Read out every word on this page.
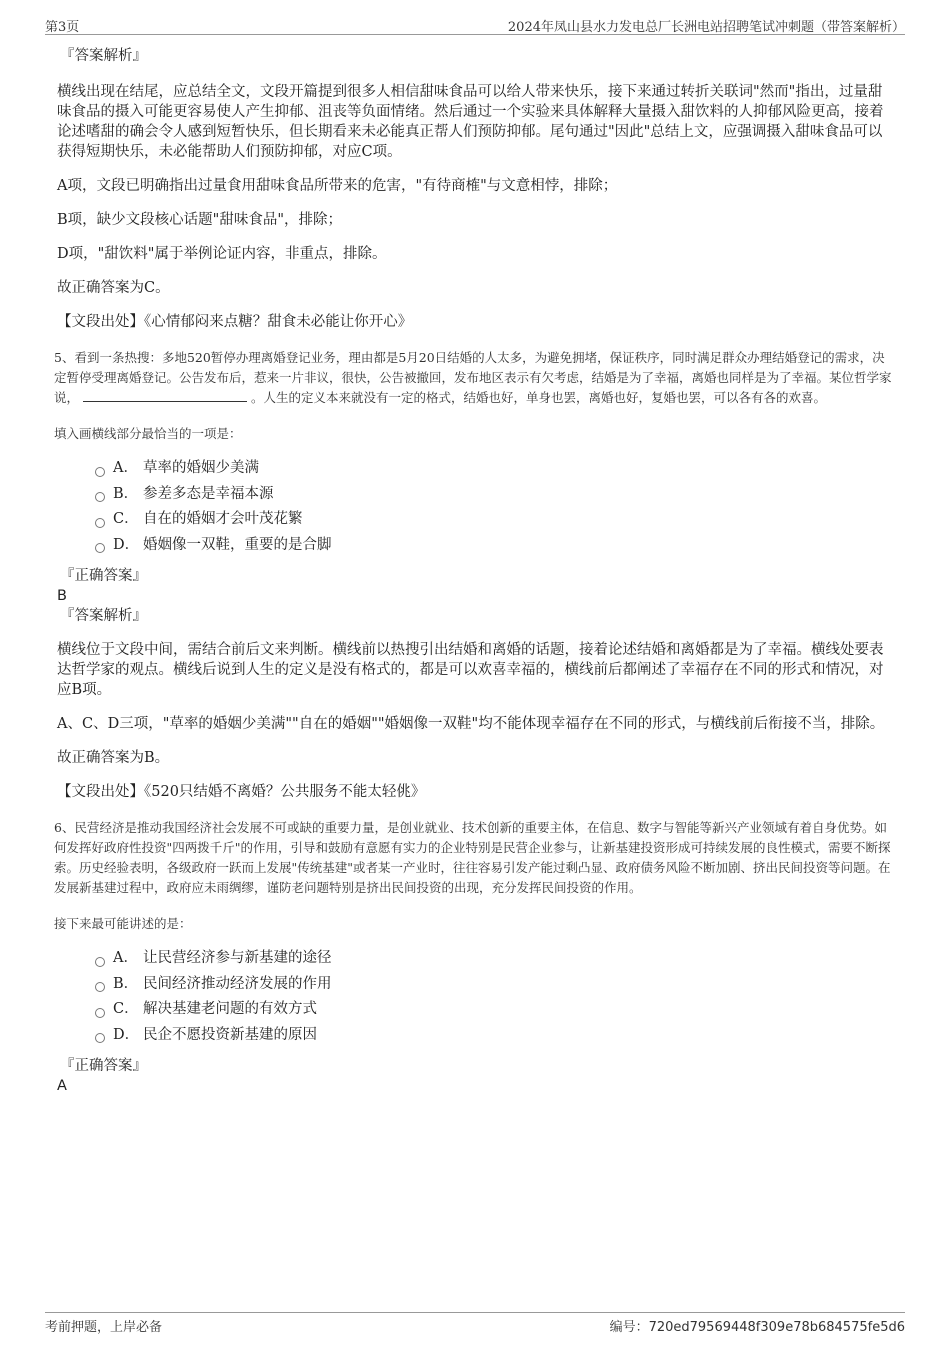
第3页	2024年凤山县水力发电总厂长洲电站招聘笔试冲刺题（带答案解析）
『答案解析』

横线出现在结尾，应总结全文，文段开篇提到很多人相信甜味食品可以给人带来快乐，接下来通过转折关联词"然而"指出，过量甜味食品的摄入可能更容易使人产生抑郁、沮丧等负面情绪。然后通过一个实验来具体解释大量摄入甜饮料的人抑郁风险更高，接着论述嗜甜的确会令人感到短暂快乐，但长期看来未必能真正帮人们预防抑郁。尾句通过"因此"总结上文，应强调摄入甜味食品可以获得短期快乐，未必能帮助人们预防抑郁，对应C项。

A项，文段已明确指出过量食用甜味食品所带来的危害，"有待商榷"与文意相悖，排除；

B项，缺少文段核心话题"甜味食品"，排除；

D项，"甜饮料"属于举例论证内容，非重点，排除。

故正确答案为C。

【文段出处】《心情郁闷来点糖？甜食未必能让你开心》

5、看到一条热搜：多地520暂停办理离婚登记业务，理由都是5月20日结婚的人太多，为避免拥堵，保证秩序，同时满足群众办理结婚登记的需求，决定暂停受理离婚登记。公告发布后，惹来一片非议，很快，公告被撤回，发布地区表示有欠考虑，结婚是为了幸福，离婚也同样是为了幸福。某位哲学家说，	。人生的定义本来就没有一定的格式，结婚也好，单身也罢，离婚也好，复婚也罢，可以各有各的欢喜。

填入画横线部分最恰当的一项是：

A． 草率的婚姻少美满
B． 参差多态是幸福本源
C． 自在的婚姻才会叶茂花繁
D． 婚姻像一双鞋，重要的是合脚
『正确答案』

B

『答案解析』

横线位于文段中间，需结合前后文来判断。横线前以热搜引出结婚和离婚的话题，接着论述结婚和离婚都是为了幸福。横线处要表达哲学家的观点。横线后说到人生的定义是没有格式的，都是可以欢喜幸福的，横线前后都阐述了幸福存在不同的形式和情况，对应B项。

A、C、D三项，"草率的婚姻少美满""自在的婚姻""婚姻像一双鞋"均不能体现幸福存在不同的形式，与横线前后衔接不当，排除。

故正确答案为B。

【文段出处】《520只结婚不离婚？公共服务不能太轻佻》

6、民营经济是推动我国经济社会发展不可或缺的重要力量，是创业就业、技术创新的重要主体，在信息、数字与智能等新兴产业领域有着自身优势。如何发挥好政府性投资"四两拨千斤"的作用，引导和鼓励有意愿有实力的企业特别是民营企业参与，让新基建投资形成可持续发展的良性模式，需要不断探索。历史经验表明，各级政府一跃而上发展"传统基建"或者某一产业时，往往容易引发产能过剩凸显、政府债务风险不断加剧、挤出民间投资等问题。在发展新基建过程中，政府应未雨绸缪，谨防老问题特别是挤出民间投资的出现，充分发挥民间投资的作用。

接下来最可能讲述的是：

A． 让民营经济参与新基建的途径
B． 民间经济推动经济发展的作用
C． 解决基建老问题的有效方式
D． 民企不愿投资新基建的原因
『正确答案』

A

考前押题，上岸必备	编号：720ed79569448f309e78b684575fe5d6
